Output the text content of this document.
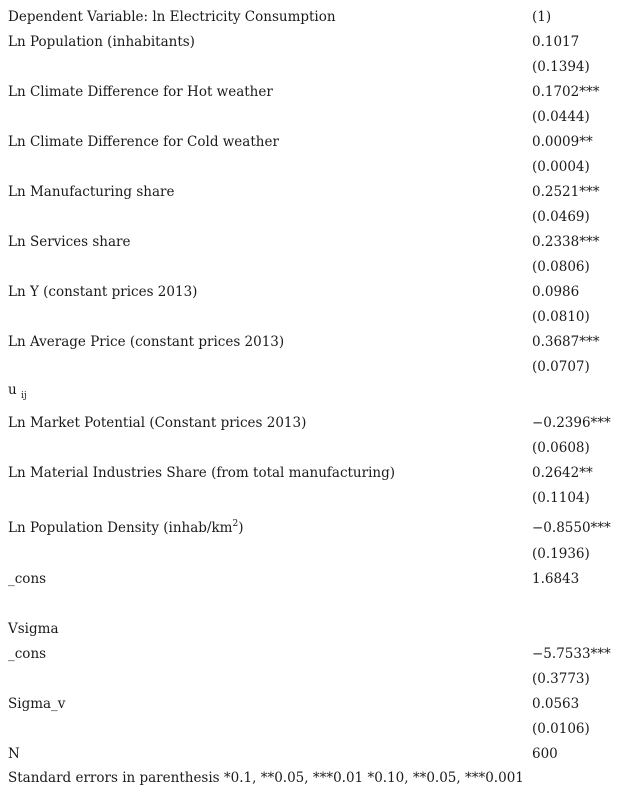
Dependent Variable: ln Electricity Consumption	(1)
Ln Population (inhabitants)	0.1017
(0.1394)
Ln Climate Difference for Hot weather	0.1702***
(0.0444)
Ln Climate Difference for Cold weather	0.0009**
(0.0004)
Ln Manufacturing share	0.2521***
(0.0469)
Ln Services share	0.2338***
(0.0806)
Ln Y (constant prices 2013)	0.0986
(0.0810)
Ln Average Price (constant prices 2013)	0.3687***
(0.0707)
u $_{ij}$
Ln Market Potential (Constant prices 2013)	−0.2396***
(0.0608)
Ln Material Industries Share (from total manufacturing)	0.2642**
(0.1104)
Ln Population Density $(inhab/km^2)$	−0.8550***
(0.1936)
_cons	1.6843
Vsigma
_cons	−5.7533***
(0.3773)
Sigma_v	0.0563
(0.0106)
N	600
Standard errors in parenthesis *0.1, **0.05, ***0.01 *0.10, **0.05, ***0.001
